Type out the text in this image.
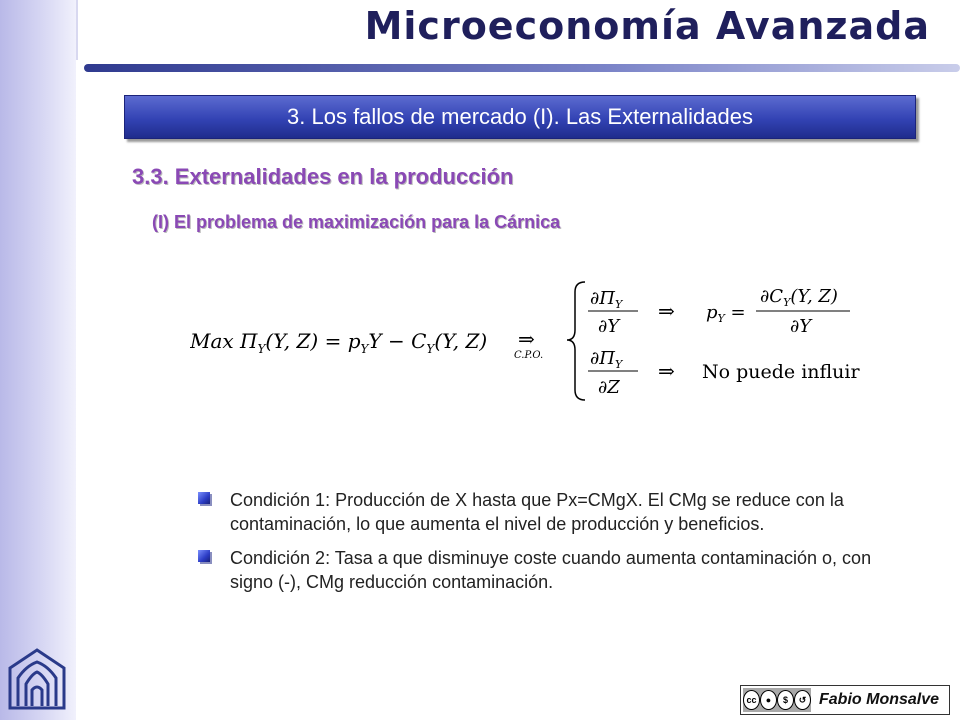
Microeconomía Avanzada
3. Los fallos de mercado (I). Las Externalidades
3.3. Externalidades en la producción
(I) El problema de maximización para la Cárnica
Max $\Pi_Y(Y$, $Z) = p_YY - C_Y(Y$, Z) ⇒
C.P.O.
$\partial\Pi_Y$
∂Y
⇒ $p_Y$ =
$\partial C_Y(Y$, Z)
∂Y
$\partial\Pi_Y$
∂Z
⇒ No puede influir
Condición 1: Producción de X hasta que Px=CMgX. El CMg se reduce con la contaminación, lo que aumenta el nivel de producción y beneficios.
Condición 2: Tasa a que disminuye coste cuando aumenta contaminación o, con signo (-), CMg reducción contaminación.
cc	●	$	↺ Fabio Monsalve
